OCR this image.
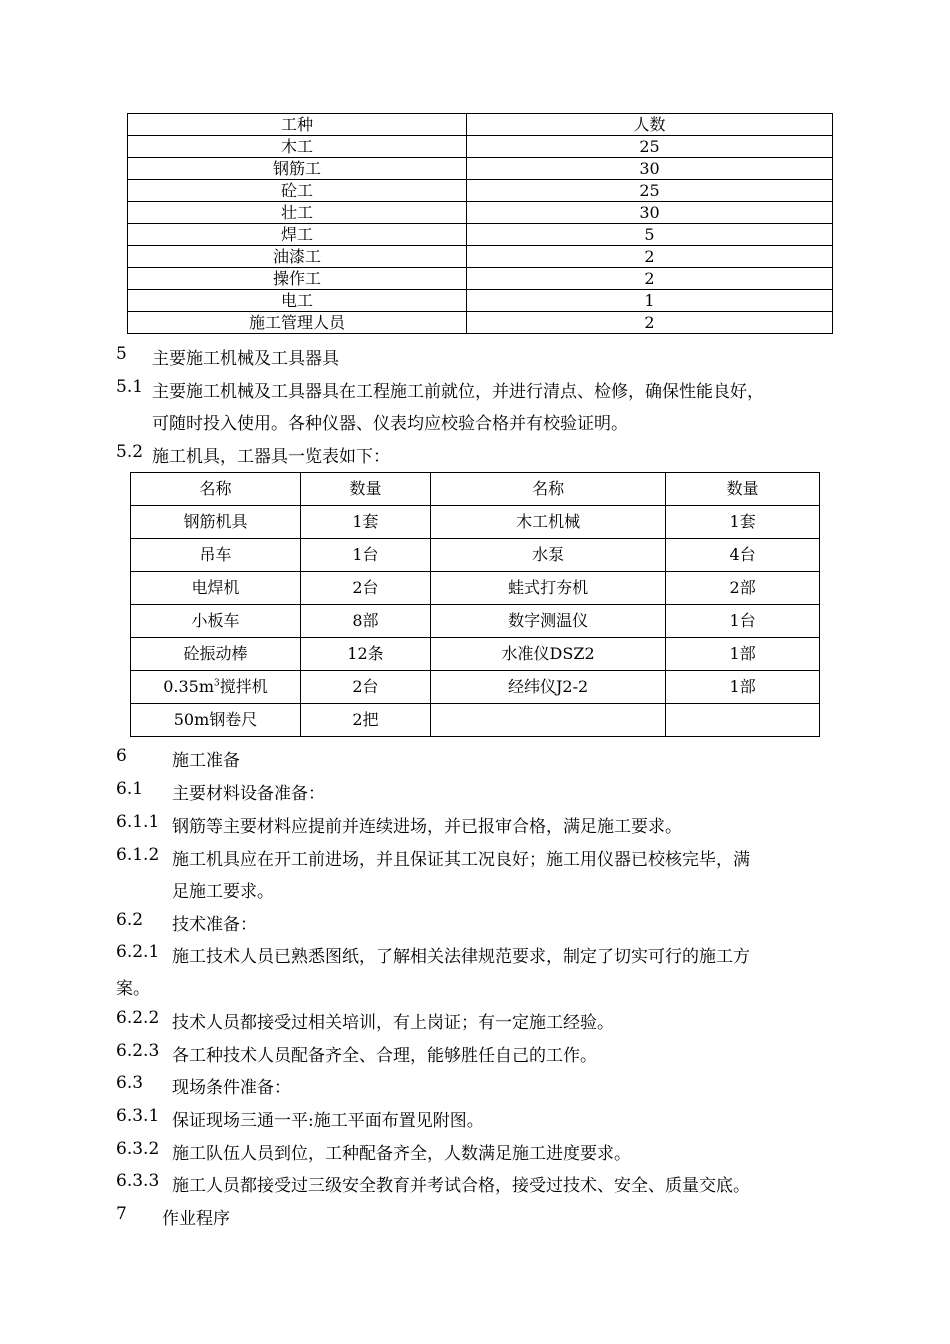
工种	人数
木工	25
钢筋工	30
砼工	25
壮工	30
焊工	5
油漆工	2
操作工	2
电工	1
施工管理人员	2
5 主要施工机械及工具器具
5.1 主要施工机械及工具器具在工程施工前就位，并进行清点、检修，确保性能良好，
可随时投入使用。各种仪器、仪表均应校验合格并有校验证明。
5.2 施工机具，工器具一览表如下：
名称	数量	名称	数量
钢筋机具	1套	木工机械	1套
吊车	1台	水泵	4台
电焊机	2台	蛙式打夯机	2部
小板车	8部	数字测温仪	1台
砼振动棒	12条	水准仪DSZ2	1部
$0.35m^3$搅拌机	2台	经纬仪J2-2	1部
50m钢卷尺	2把		
6	施工准备
6.1 主要材料设备准备：
6.1.1 钢筋等主要材料应提前并连续进场，并已报审合格，满足施工要求。
6.1.2 施工机具应在开工前进场，并且保证其工况良好；施工用仪器已校核完毕，满
足施工要求。
6.2 技术准备：
6.2.1 施工技术人员已熟悉图纸，了解相关法律规范要求，制定了切实可行的施工方
案。
6.2.2 技术人员都接受过相关培训，有上岗证；有一定施工经验。
6.2.3 各工种技术人员配备齐全、合理，能够胜任自己的工作。
6.3 现场条件准备：
6.3.1 保证现场三通一平:施工平面布置见附图。
6.3.2 施工队伍人员到位，工种配备齐全，人数满足施工进度要求。
6.3.3 施工人员都接受过三级安全教育并考试合格，接受过技术、安全、质量交底。
7 作业程序
